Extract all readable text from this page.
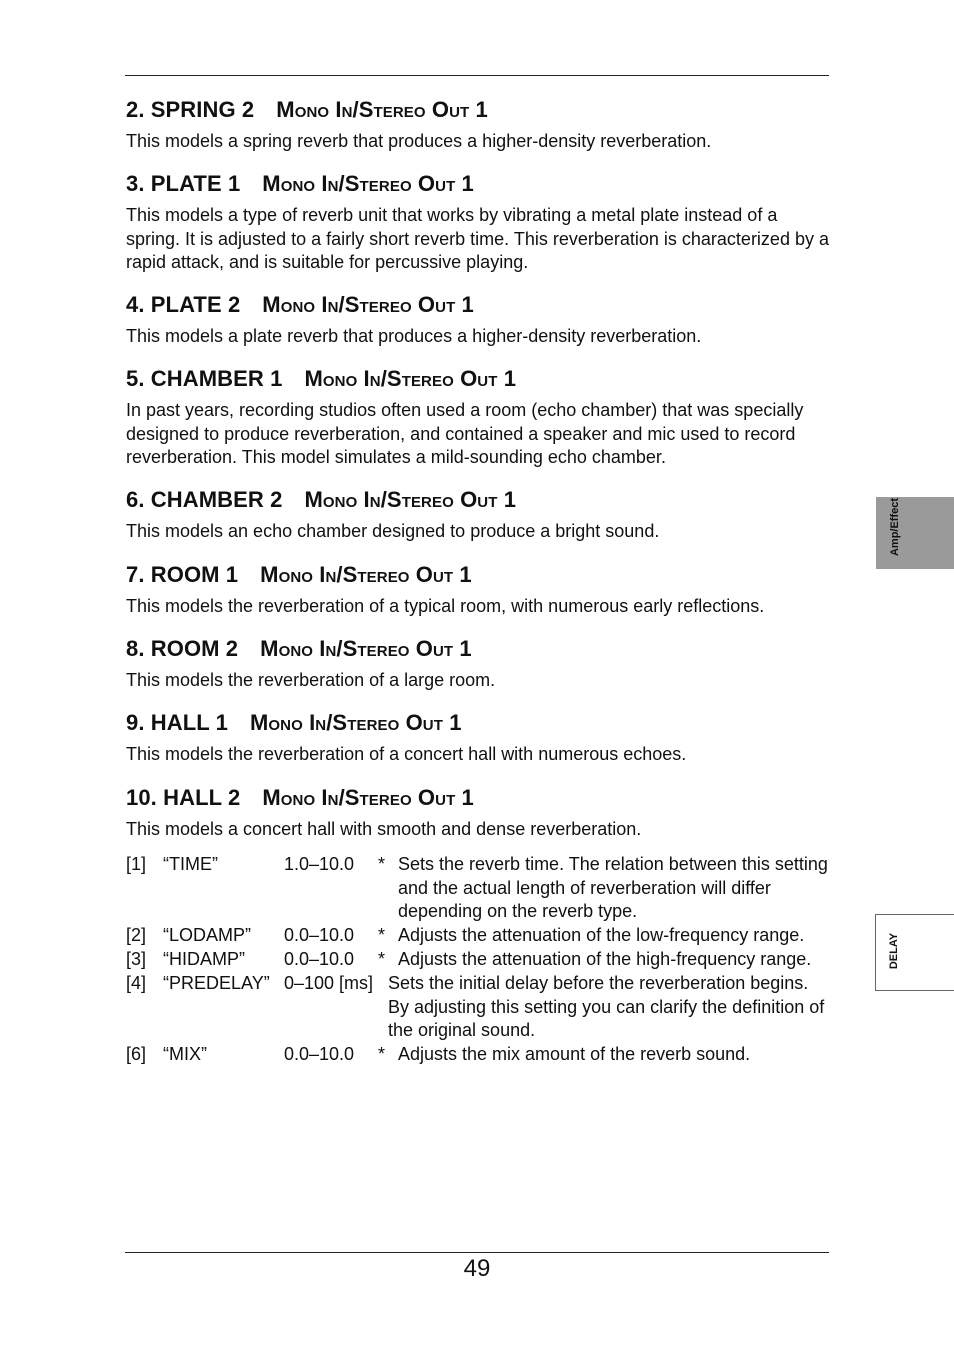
2. SPRING 2 Mono In/Stereo Out 1

This models a spring reverb that produces a higher-density reverberation.

3. PLATE 1 Mono In/Stereo Out 1

This models a type of reverb unit that works by vibrating a metal plate instead of a spring. It is adjusted to a fairly short reverb time. This reverberation is characterized by a rapid attack, and is suitable for percussive playing.

4. PLATE 2 Mono In/Stereo Out 1

This models a plate reverb that produces a higher-density reverberation.

5. CHAMBER 1 Mono In/Stereo Out 1

In past years, recording studios often used a room (echo chamber) that was specially designed to produce reverberation, and contained a speaker and mic used to record reverberation. This model simulates a mild-sounding echo chamber.

6. CHAMBER 2 Mono In/Stereo Out 1

This models an echo chamber designed to produce a bright sound.

7. ROOM 1 Mono In/Stereo Out 1

This models the reverberation of a typical room, with numerous early reflections.

8. ROOM 2 Mono In/Stereo Out 1

This models the reverberation of a large room.

9. HALL 1 Mono In/Stereo Out 1

This models the reverberation of a concert hall with numerous echoes.

10. HALL 2 Mono In/Stereo Out 1

This models a concert hall with smooth and dense reverberation.

[1]	“TIME”	1.0–10.0	* Sets the reverb time. The relation between this setting and the actual length of reverberation will differ depending on the reverb type.

[2]	“LODAMP”	0.0–10.0	* Adjusts the attenuation of the low-frequency range.

[3]	“HIDAMP”	0.0–10.0	* Adjusts the attenuation of the high-frequency range.

[4]	“PREDELAY”	0–100 [ms]	Sets the initial delay before the reverberation begins. By adjusting this setting you can clarify the definition of the original sound.

[6]	“MIX”	0.0–10.0	* Adjusts the mix amount of the reverb sound.
Amp/Effect
DELAY
49
